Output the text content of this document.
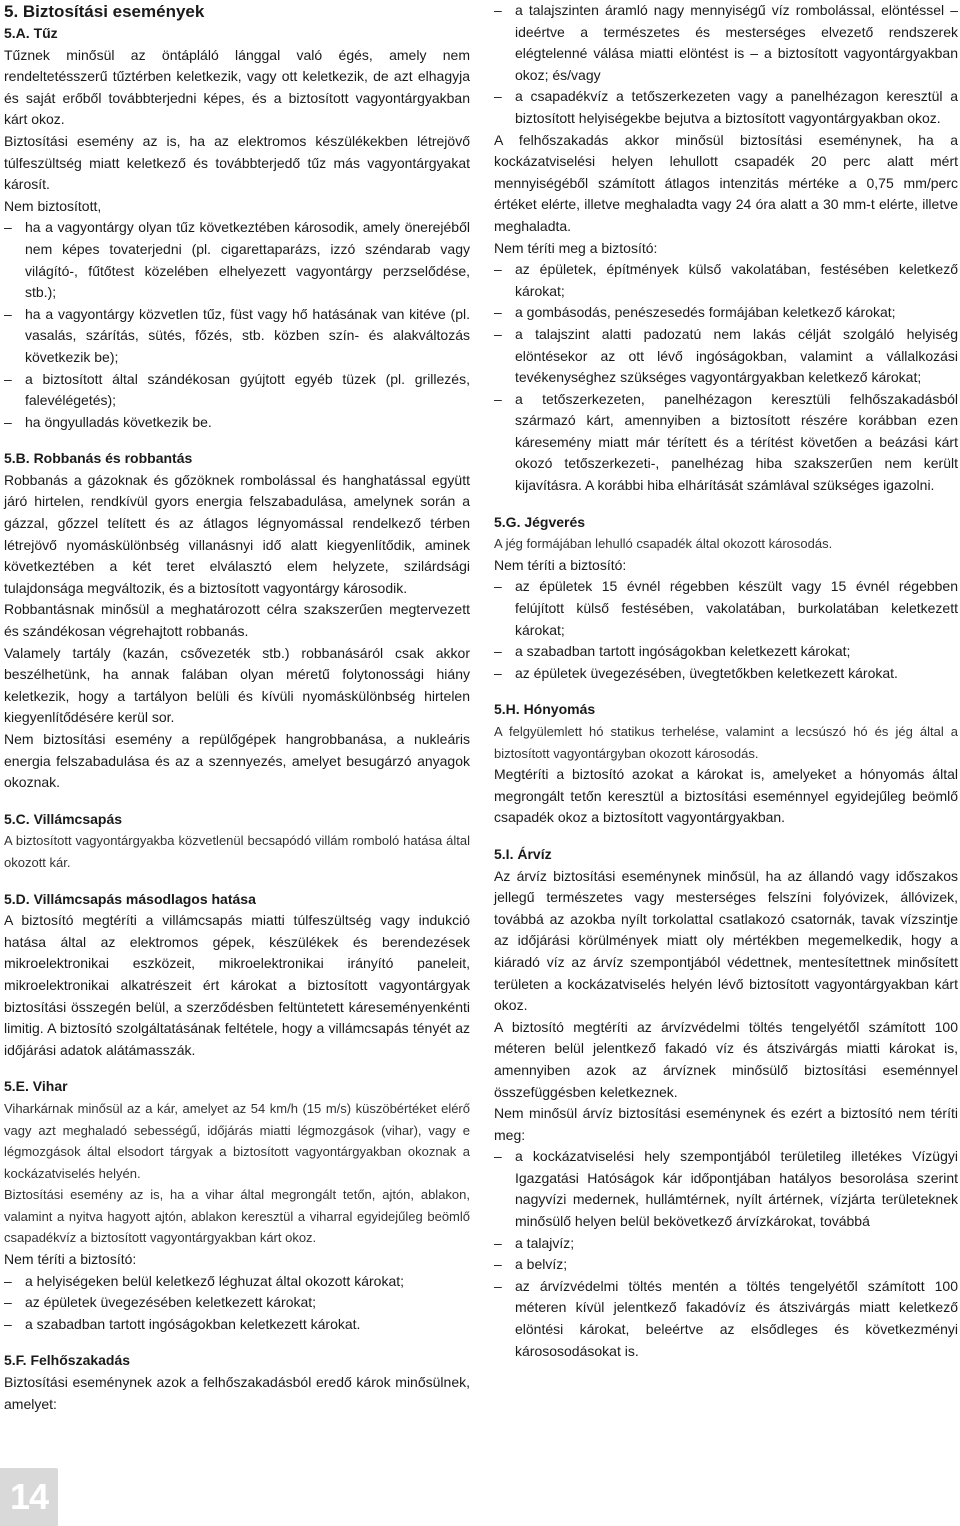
5. Biztosítási események
5.A. Tűz

Tűznek minősül az öntápláló lánggal való égés, amely nem rendeltetésszerű tűztérben keletkezik, vagy ott keletkezik, de azt elhagyja és saját erőből továbbterjedni képes, és a biztosított vagyontárgyakban kárt okoz.

Biztosítási esemény az is, ha az elektromos készülékekben létrejövő túlfeszültség miatt keletkező és továbbterjedő tűz más vagyontárgyakat károsít.

Nem biztosított,

– ha a vagyontárgy olyan tűz következtében károsodik, amely önerejéből nem képes tovaterjedni (pl. cigarettaparázs, izzó széndarab vagy világító-, fűtőtest közelében elhelyezett vagyontárgy perzselődése, stb.);
– ha a vagyontárgy közvetlen tűz, füst vagy hő hatásának van kitéve (pl. vasalás, szárítás, sütés, főzés, stb. közben szín- és alakváltozás következik be);
– a biztosított által szándékosan gyújtott egyéb tüzek (pl. grillezés, falevélégetés);
– ha öngyulladás következik be.
5.B. Robbanás és robbantás

Robbanás a gázoknak és gőzöknek rombolással és hanghatással együtt járó hirtelen, rendkívül gyors energia felszabadulása, amelynek során a gázzal, gőzzel telített és az átlagos légnyomással rendelkező térben létrejövő nyomáskülönbség villanásnyi idő alatt kiegyenlítődik, aminek következtében a két teret elválasztó elem helyzete, szilárdsági tulajdonsága megváltozik, és a biztosított vagyontárgy károsodik.

Robbantásnak minősül a meghatározott célra szakszerűen megtervezett és szándékosan végrehajtott robbanás.

Valamely tartály (kazán, csővezeték stb.) robbanásáról csak akkor beszélhetünk, ha annak falában olyan méretű folytonossági hiány keletkezik, hogy a tartályon belüli és kívüli nyomáskülönbség hirtelen kiegyenlítődésére kerül sor.

Nem biztosítási esemény a repülőgépek hangrobbanása, a nukleáris energia felszabadulása és az a szennyezés, amelyet besugárzó anyagok okoznak.

5.C. Villámcsapás

A biztosított vagyontárgyakba közvetlenül becsapódó villám romboló hatása által okozott kár.

5.D. Villámcsapás másodlagos hatása

A biztosító megtéríti a villámcsapás miatti túlfeszültség vagy indukció hatása által az elektromos gépek, készülékek és berendezések mikroelektronikai eszközeit, mikroelektronikai irányító paneleit, mikroelektronikai alkatrészeit ért károkat a biztosított vagyontárgyak biztosítási összegén belül, a szerződésben feltüntetett káreseményenkénti limitig. A biztosító szolgáltatásának feltétele, hogy a villámcsapás tényét az időjárási adatok alátámasszák.

5.E. Vihar

Viharkárnak minősül az a kár, amelyet az 54 km/h (15 m/s) küszöbértéket elérő vagy azt meghaladó sebességű, időjárás miatti légmozgások (vihar), vagy e légmozgások által elsodort tárgyak a biztosított vagyontárgyakban okoznak a kockázatviselés helyén.

Biztosítási esemény az is, ha a vihar által megrongált tetőn, ajtón, ablakon, valamint a nyitva hagyott ajtón, ablakon keresztül a viharral egyidejűleg beömlő csapadékvíz a biztosított vagyontárgyakban kárt okoz.

Nem téríti a biztosító:

– a helyiségeken belül keletkező léghuzat által okozott károkat;
– az épületek üvegezésében keletkezett károkat;
– a szabadban tartott ingóságokban keletkezett károkat.
5.F. Felhőszakadás

Biztosítási eseménynek azok a felhőszakadásból eredő károk minősülnek, amelyet:

– a talajszinten áramló nagy mennyiségű víz rombolással, elöntéssel – ideértve a természetes és mesterséges elvezető rendszerek elégtelenné válása miatti elöntést is – a biztosított vagyontárgyakban okoz; és/vagy
– a csapadékvíz a tetőszerkezeten vagy a panelhézagon keresztül a biztosított helyiségekbe bejutva a biztosított vagyontárgyakban okoz.

A felhőszakadás akkor minősül biztosítási eseménynek, ha a kockázatviselési helyen lehullott csapadék 20 perc alatt mért mennyiségéből számított átlagos intenzitás mértéke a 0,75 mm/perc értéket elérte, illetve meghaladta vagy 24 óra alatt a 30 mm-t elérte, illetve meghaladta.

Nem téríti meg a biztosító:

– az épületek, építmények külső vakolatában, festésében keletkező károkat;
– a gombásodás, penészesedés formájában keletkező károkat;
– a talajszint alatti padozatú nem lakás célját szolgáló helyiség elöntésekor az ott lévő ingóságokban, valamint a vállalkozási tevékenységhez szükséges vagyontárgyakban keletkező károkat;
– a tetőszerkezeten, panelhézagon keresztüli felhőszakadásból származó kárt, amennyiben a biztosított részére korábban ezen káresemény miatt már térített és a térítést követően a beázási kárt okozó tetőszerkezeti-, panelhézag hiba szakszerűen nem került kijavításra. A korábbi hiba elhárítását számlával szükséges igazolni.
5.G. Jégverés

A jég formájában lehulló csapadék által okozott károsodás.

Nem téríti a biztosító:

– az épületek 15 évnél régebben készült vagy 15 évnél régebben felújított külső festésében, vakolatában, burkolatában keletkezett károkat;
– a szabadban tartott ingóságokban keletkezett károkat;
– az épületek üvegezésében, üvegtetőkben keletkezett károkat.
5.H. Hónyomás

A felgyülemlett hó statikus terhelése, valamint a lecsúszó hó és jég által a biztosított vagyontárgyban okozott károsodás.

Megtéríti a biztosító azokat a károkat is, amelyeket a hónyomás által megrongált tetőn keresztül a biztosítási eseménnyel egyidejűleg beömlő csapadék okoz a biztosított vagyontárgyakban.

5.I. Árvíz

Az árvíz biztosítási eseménynek minősül, ha az állandó vagy időszakos jellegű természetes vagy mesterséges felszíni folyóvizek, állóvizek, továbbá az azokba nyílt torkolattal csatlakozó csatornák, tavak vízszintje az időjárási körülmények miatt oly mértékben megemelkedik, hogy a kiáradó víz az árvíz szempontjából védettnek, mentesítettnek minősített területen a kockázatviselés helyén lévő biztosított vagyontárgyakban kárt okoz.

A biztosító megtéríti az árvízvédelmi töltés tengelyétől számított 100 méteren belül jelentkező fakadó víz és átszivárgás miatti károkat is, amennyiben azok az árvíznek minősülő biztosítási eseménnyel összefüggésben keletkeznek.

Nem minősül árvíz biztosítási eseménynek és ezért a biztosító nem téríti meg:

– a kockázatviselési hely szempontjából területileg illetékes Vízügyi Igazgatási Hatóságok kár időpontjában hatályos besorolása szerint nagyvízi medernek, hullámtérnek, nyílt ártérnek, vízjárta területeknek minősülő helyen belül bekövetkező árvízkárokat, továbbá
– a talajvíz;
– a belvíz;
– az árvízvédelmi töltés mentén a töltés tengelyétől számított 100 méteren kívül jelentkező fakadóvíz és átszivárgás miatt keletkező elöntési károkat, beleértve az elsődleges és következményi kárososodásokat is.
14
